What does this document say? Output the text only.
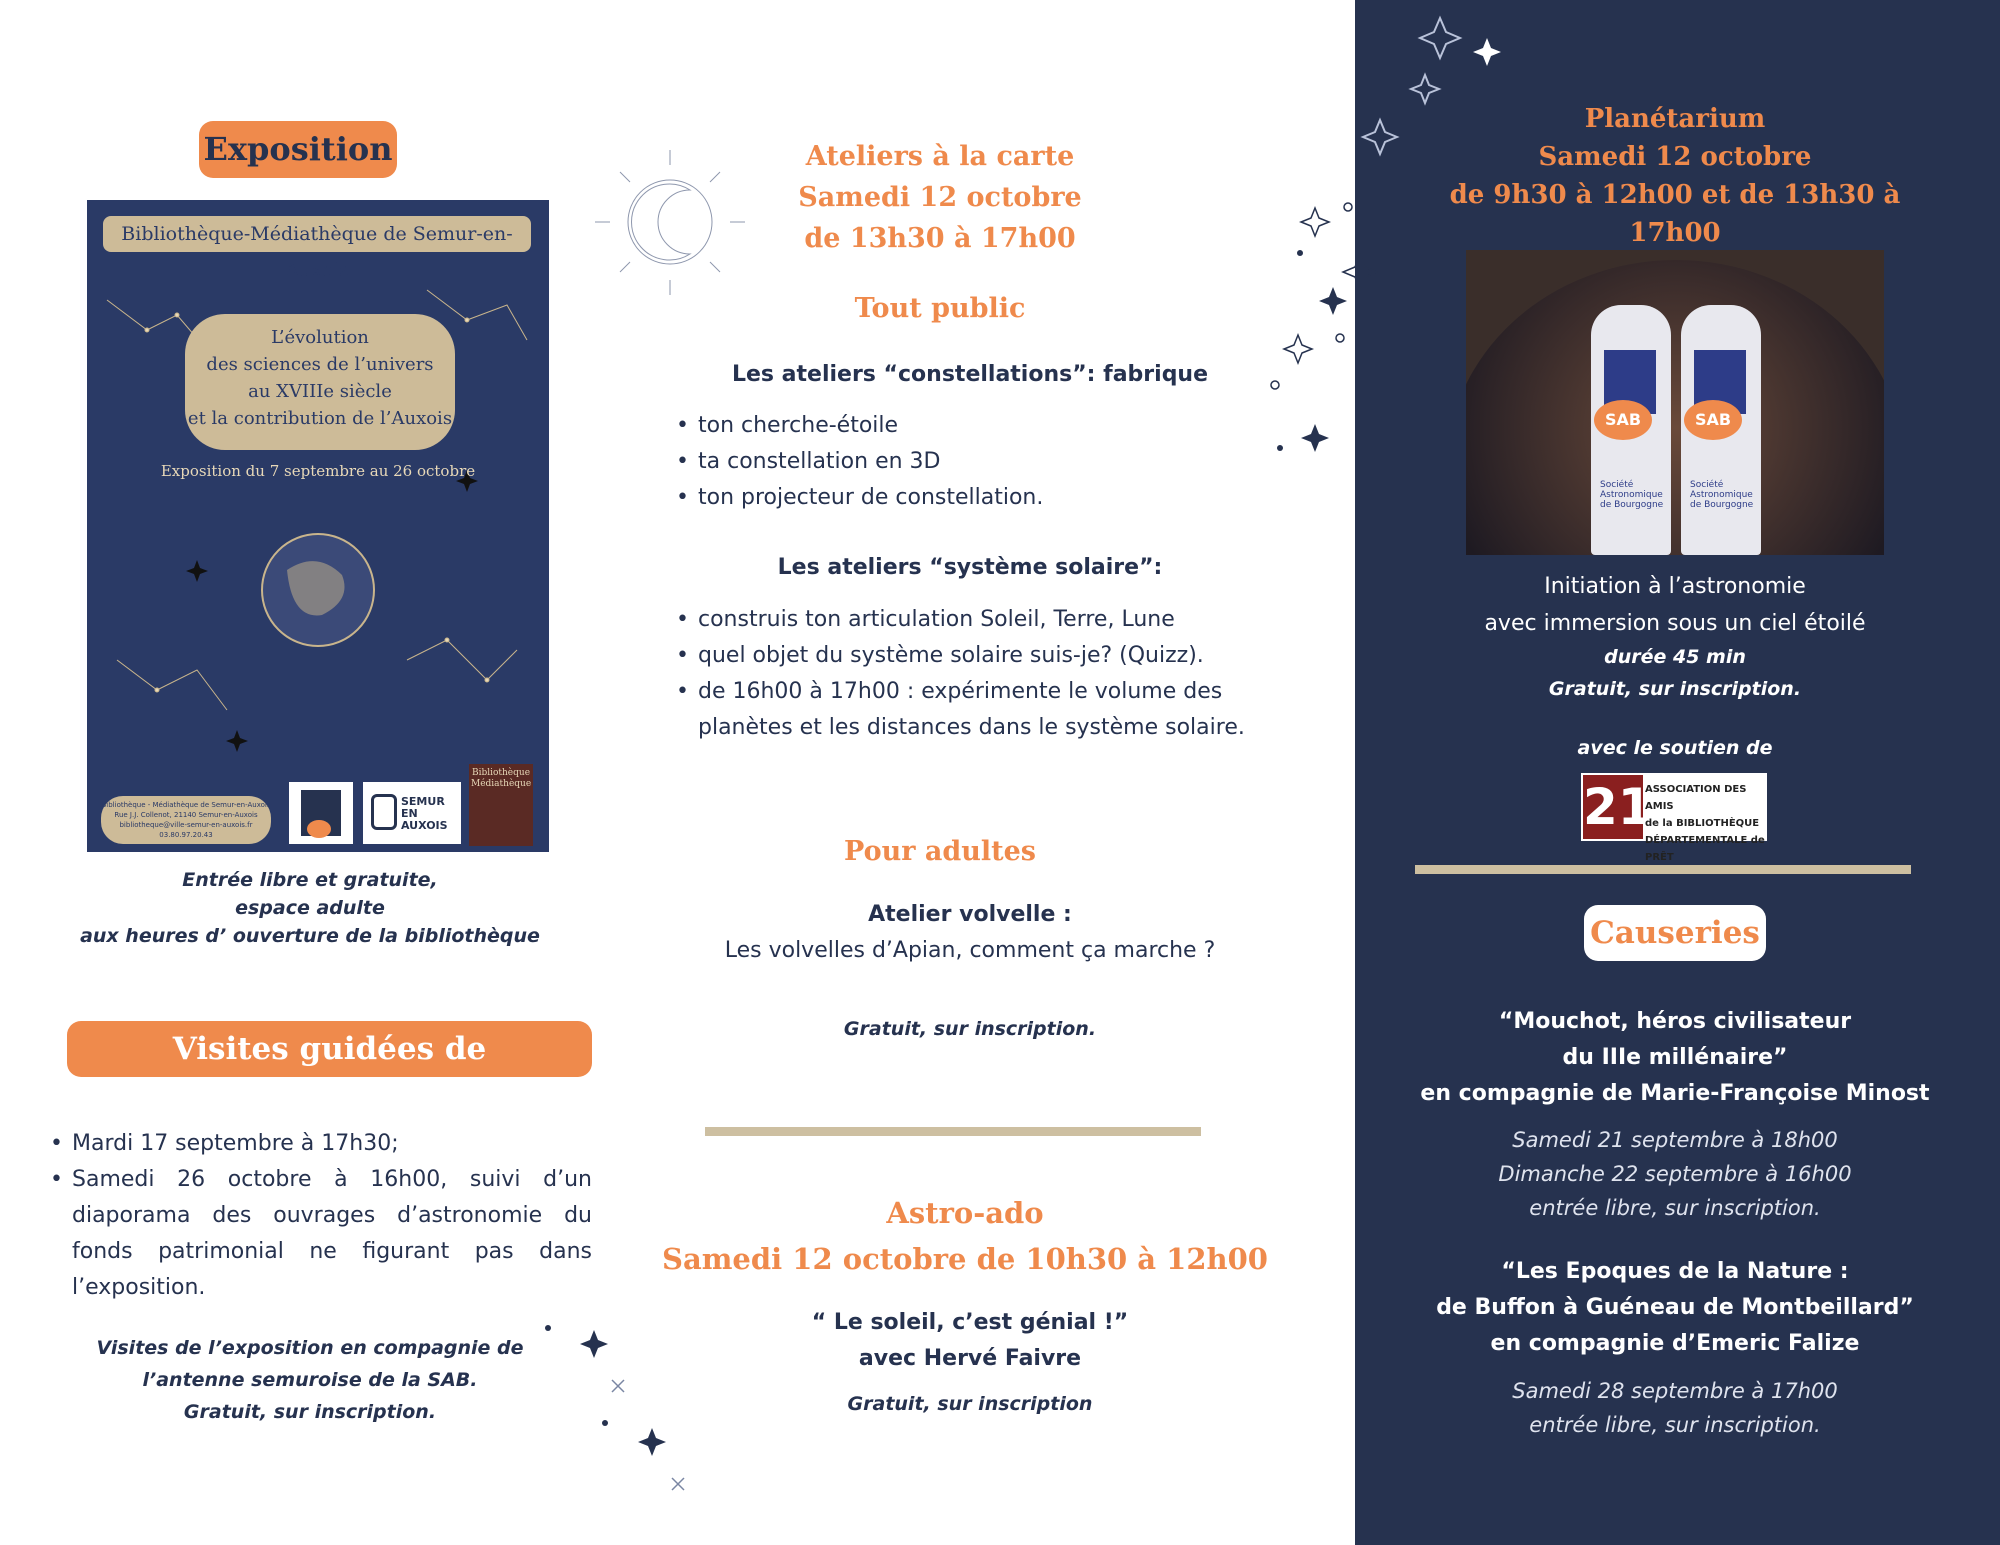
Exposition
Bibliothèque-Médiathèque de Semur-en-Auxois
L’évolution
des sciences de l’univers
au XVIIIe siècle
et la contribution de l’Auxois
Exposition du 7 septembre au 26 octobre
Bibliothèque - Médiathèque de Semur-en-Auxois
Rue J.J. Collenot, 21140 Semur-en-Auxois
bibliotheque@ville-semur-en-auxois.fr
03.80.97.20.43
SEMUR EN AUXOIS
Bibliothèque Médiathèque
Entrée libre et gratuite,
espace adulte
aux heures d’ ouverture de la bibliothèque
Visites guidées de l’exposition
• Mardi 17 septembre à 17h30;
• Samedi 26 octobre à 16h00, suivi d’un diaporama des ouvrages d’astronomie du fonds patrimonial ne figurant pas dans l’exposition.
Visites de l’exposition en compagnie de
l’antenne semuroise de la SAB.
Gratuit, sur inscription.
Ateliers à la carte
Samedi 12 octobre
de 13h30 à 17h00
Tout public
Les ateliers “constellations”: fabrique
• ton cherche-étoile
• ta constellation en 3D
• ton projecteur de constellation.
Les ateliers “système solaire”:
• construis ton articulation Soleil, Terre, Lune
• quel objet du système solaire suis-je? (Quizz).
• de 16h00 à 17h00 : expérimente le volume des planètes et les distances dans le système solaire.
Pour adultes
Atelier volvelle :
Les volvelles d’Apian, comment ça marche ?
Gratuit, sur inscription.
Astro-ado
Samedi 12 octobre de 10h30 à 12h00
“ Le soleil, c’est génial !”
avec Hervé Faivre
Gratuit, sur inscription
Planétarium
Samedi 12 octobre
de 9h30 à 12h00 et de 13h30 à 17h00
SAB	SAB
Société
Astronomique
de Bourgogne
Société
Astronomique
de Bourgogne
Initiation à l’astronomie
avec immersion sous un ciel étoilé
durée 45 min
Gratuit, sur inscription.
avec le soutien de
21
ASSOCIATION DES AMIS
de la BIBLIOTHÈQUE
DÉPARTEMENTALE de PRÊT
Causeries
“Mouchot, héros civilisateur
du IIIe millénaire”
en compagnie de Marie-Françoise Minost
Samedi 21 septembre à 18h00
Dimanche 22 septembre à 16h00
entrée libre, sur inscription.
“Les Epoques de la Nature :
de Buffon à Guéneau de Montbeillard”
en compagnie d’Emeric Falize
Samedi 28 septembre à 17h00
entrée libre, sur inscription.
